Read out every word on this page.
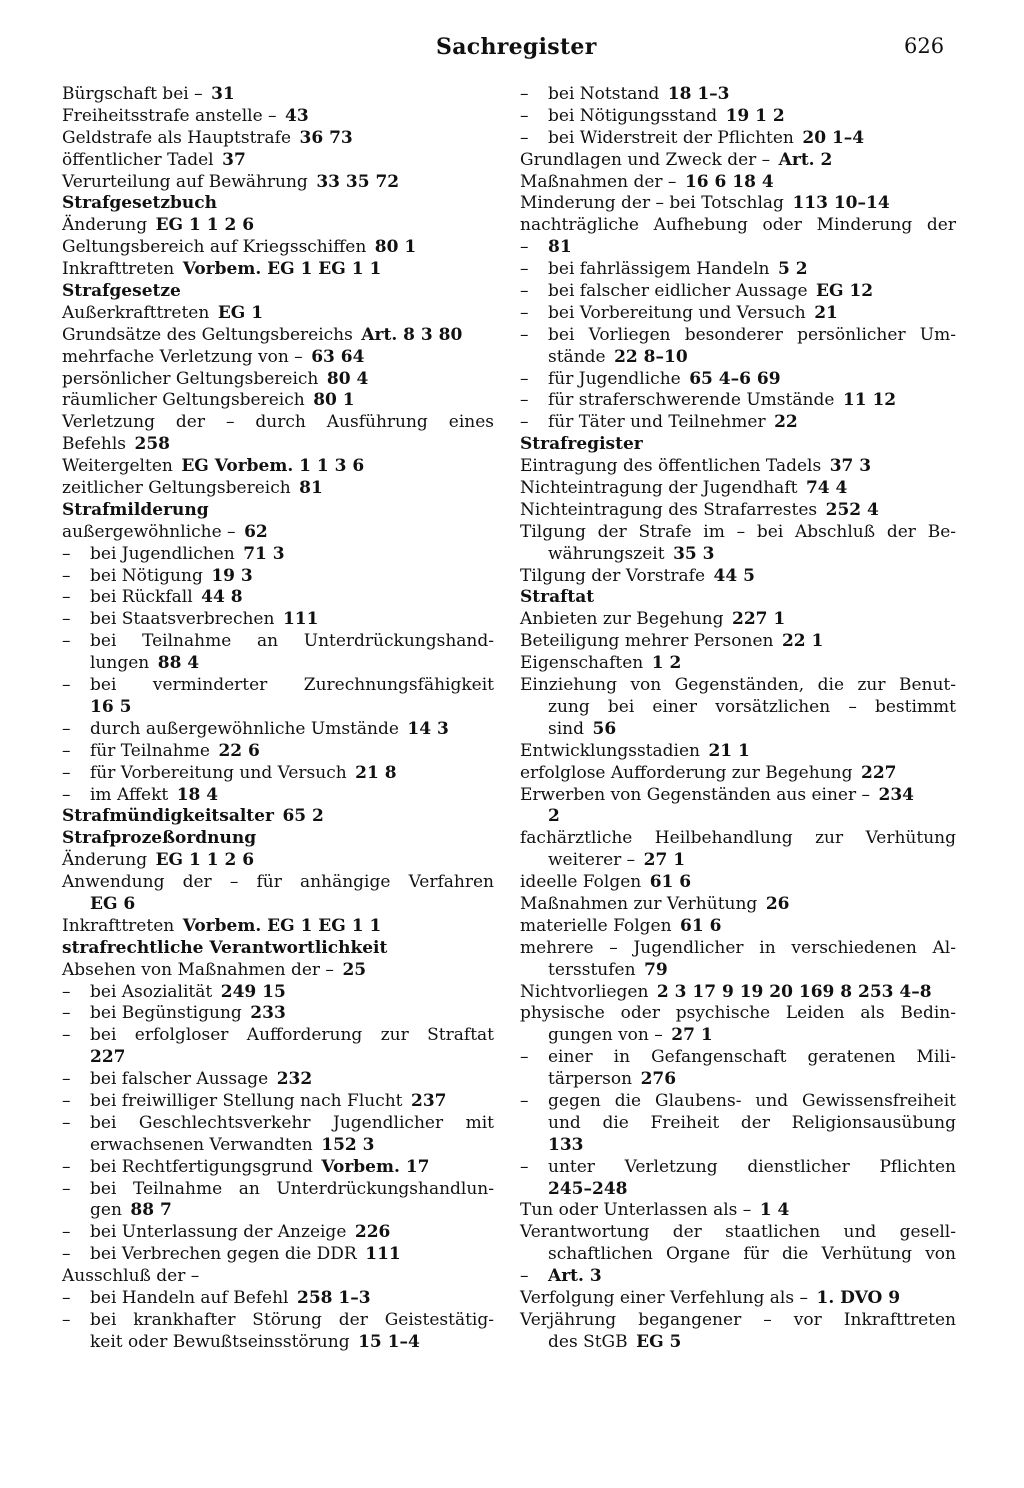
Sachregister	626
Bürgschaft bei –  31
Freiheitsstrafe anstelle –  43
Geldstrafe als Hauptstrafe  36 73
öffentlicher Tadel  37
Verurteilung auf Bewährung  33 35 72
Strafgesetzbuch
Änderung  EG 1 1 2 6
Geltungsbereich auf Kriegsschiffen  80 1
Inkrafttreten  Vorbem. EG 1 EG 1 1
Strafgesetze
Außerkrafttreten  EG 1
Grundsätze des Geltungsbereichs  Art. 8 3 80
mehrfache Verletzung von –  63 64
persönlicher Geltungsbereich  80 4
räumlicher Geltungsbereich  80 1
Verletzung der – durch Ausführung eines
Befehls  258
Weitergelten  EG Vorbem. 1 1 3 6
zeitlicher Geltungsbereich  81
Strafmilderung
außergewöhnliche –  62
– bei Jugendlichen  71 3
– bei Nötigung  19 3
– bei Rückfall  44 8
– bei Staatsverbrechen  111
– bei Teilnahme an Unterdrückungshand-
lungen  88 4
– bei verminderter Zurechnungsfähigkeit
16 5
– durch außergewöhnliche Umstände  14 3
– für Teilnahme  22 6
– für Vorbereitung und Versuch  21 8
– im Affekt  18 4
Strafmündigkeitsalter  65 2
Strafprozeßordnung
Änderung  EG 1 1 2 6
Anwendung der – für anhängige Verfahren
EG 6
Inkrafttreten  Vorbem. EG 1 EG 1 1
strafrechtliche Verantwortlichkeit
Absehen von Maßnahmen der –  25
– bei Asozialität  249 15
– bei Begünstigung  233
– bei erfolgloser Aufforderung zur Straftat
227
– bei falscher Aussage  232
– bei freiwilliger Stellung nach Flucht  237
– bei Geschlechtsverkehr Jugendlicher mit
erwachsenen Verwandten  152 3
– bei Rechtfertigungsgrund  Vorbem. 17
– bei Teilnahme an Unterdrückungshandlun-
gen  88 7
– bei Unterlassung der Anzeige  226
– bei Verbrechen gegen die DDR  111
Ausschluß der –
– bei Handeln auf Befehl  258 1–3
– bei krankhafter Störung der Geistestätig-
keit oder Bewußtseinsstörung  15 1–4
– bei Notstand  18 1–3
– bei Nötigungsstand  19 1 2
– bei Widerstreit der Pflichten  20 1–4
Grundlagen und Zweck der –  Art. 2
Maßnahmen der –  16 6 18 4
Minderung der – bei Totschlag  113 10–14
nachträgliche Aufhebung oder Minderung der
– 81
– bei fahrlässigem Handeln  5 2
– bei falscher eidlicher Aussage  EG 12
– bei Vorbereitung und Versuch  21
– bei Vorliegen besonderer persönlicher Um-
stände  22 8–10
– für Jugendliche  65 4–6 69
– für straferschwerende Umstände  11 12
– für Täter und Teilnehmer  22
Strafregister
Eintragung des öffentlichen Tadels  37 3
Nichteintragung der Jugendhaft  74 4
Nichteintragung des Strafarrestes  252 4
Tilgung der Strafe im – bei Abschluß der Be-
währungszeit  35 3
Tilgung der Vorstrafe  44 5
Straftat
Anbieten zur Begehung  227 1
Beteiligung mehrer Personen  22 1
Eigenschaften  1 2
Einziehung von Gegenständen, die zur Benut-
zung bei einer vorsätzlichen – bestimmt
sind  56
Entwicklungsstadien  21 1
erfolglose Aufforderung zur Begehung  227
Erwerben von Gegenständen aus einer –  234
2
fachärztliche Heilbehandlung zur Verhütung
weiterer –  27 1
ideelle Folgen  61 6
Maßnahmen zur Verhütung  26
materielle Folgen  61 6
mehrere – Jugendlicher in verschiedenen Al-
tersstufen  79
Nichtvorliegen  2 3 17 9 19 20 169 8 253 4–8
physische oder psychische Leiden als Bedin-
gungen von –  27 1
– einer in Gefangenschaft geratenen Mili-
tärperson  276
– gegen die Glaubens- und Gewissensfreiheit
und die Freiheit der Religionsausübung
133
– unter Verletzung dienstlicher Pflichten
245–248
Tun oder Unterlassen als –  1 4
Verantwortung der staatlichen und gesell-
schaftlichen Organe für die Verhütung von
– Art. 3
Verfolgung einer Verfehlung als –  1. DVO 9
Verjährung begangener – vor Inkrafttreten
des StGB  EG 5
